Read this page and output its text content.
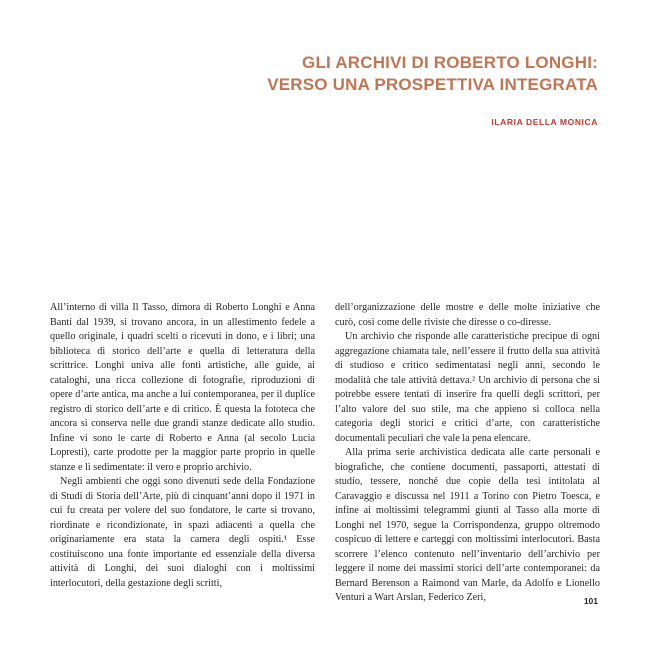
GLI ARCHIVI DI ROBERTO LONGHI:
VERSO UNA PROSPETTIVA INTEGRATA
ILARIA DELLA MONICA

All’interno di villa Il Tasso, dimora di Roberto Longhi e Anna Banti dal 1939, si trovano ancora, in un allestimento fedele a quello originale, i quadri scelti o ricevuti in dono, e i libri; una biblioteca di storico dell’arte e quella di letteratura della scrittrice. Longhi univa alle fonti artistiche, alle guide, ai cataloghi, una ricca collezione di fotografie, riproduzioni di opere d’arte antica, ma anche a lui contemporanea, per il duplice registro di storico dell’arte e di critico. È questa la fototeca che ancora si conserva nelle due grandi stanze dedicate allo studio. Infine vi sono le carte di Roberto e Anna (al secolo Lucia Lopresti), carte prodotte per la maggior parte proprio in quelle stanze e lì sedimentate: il vero e proprio archivio.

Negli ambienti che oggi sono divenuti sede della Fondazione di Studi di Storia dell’Arte, più di cinquant’anni dopo il 1971 in cui fu creata per volere del suo fondatore, le carte si trovano, riordinate e ricondizionate, in spazi adiacenti a quella che originariamente era stata la camera degli ospiti.¹ Esse costituiscono una fonte importante ed essenziale della diversa attività di Longhi, dei suoi dialoghi con i moltissimi interlocutori, della gestazione degli scritti,

dell’organizzazione delle mostre e delle molte iniziative che curò, così come delle riviste che diresse o co-diresse.

Un archivio che risponde alle caratteristiche precipue di ogni aggregazione chiamata tale, nell’essere il frutto della sua attività di studioso e critico sedimentatasi negli anni, secondo le modalità che tale attività dettava.² Un archivio di persona che si potrebbe essere tentati di inserire fra quelli degli scrittori, per l’alto valore del suo stile, ma che appieno si colloca nella categoria degli storici e critici d’arte, con caratteristiche documentali peculiari che vale la pena elencare.

Alla prima serie archivistica dedicata alle carte personali e biografiche, che contiene documenti, passaporti, attestati di studio, tessere, nonché due copie della tesi intitolata al Caravaggio e discussa nel 1911 a Torino con Pietro Toesca, e infine ai moltissimi telegrammi giunti al Tasso alla morte di Longhi nel 1970, segue la Corrispondenza, gruppo oltremodo cospicuo di lettere e carteggi con moltissimi interlocutori. Basta scorrere l’elenco contenuto nell’inventario dell’archivio per leggere il nome dei massimi storici dell’arte contemporanei: da Bernard Berenson a Raimond van Marle, da Adolfo e Lionello Venturi a Wart Arslan, Federico Zeri,	101
